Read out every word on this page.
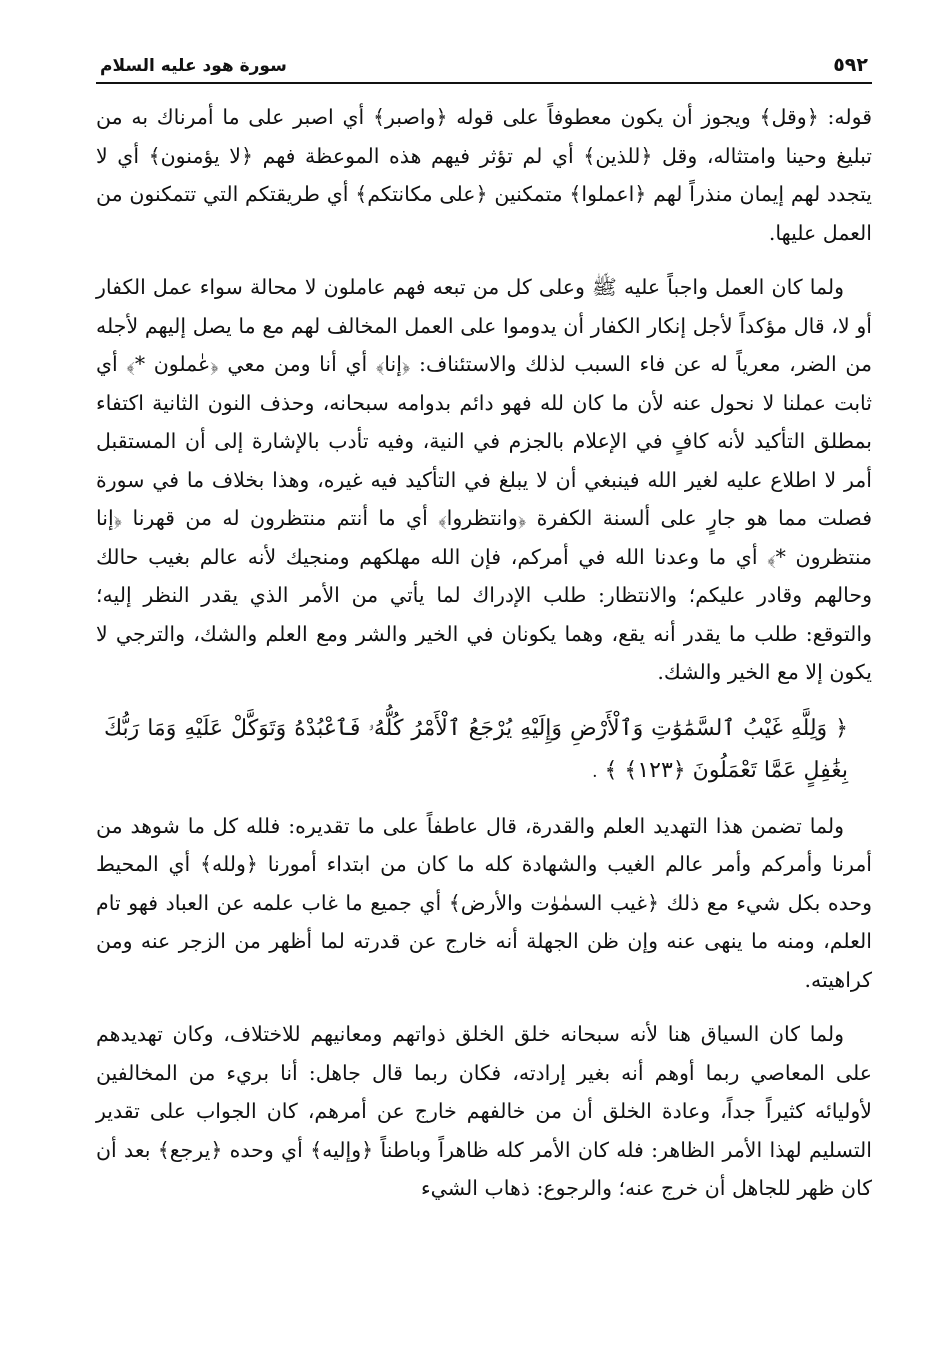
٥٩٢
سورة هود عليه السلام

قوله: ﴿وقل﴾ ويجوز أن يكون معطوفاً على قوله ﴿واصبر﴾ أي اصبر على ما أمرناك به من تبليغ وحينا وامتثاله، وقل ﴿للذين﴾ أي لم تؤثر فيهم هذه الموعظة فهم ﴿لا يؤمنون﴾ أي لا يتجدد لهم إيمان منذراً لهم ﴿اعملوا﴾ متمكنين ﴿على مكانتكم﴾ أي طريقتكم التي تتمكنون من العمل عليها.

ولما كان العمل واجباً عليه ﷺ وعلى كل من تبعه فهم عاملون لا محالة سواء عمل الكفار أو لا، قال مؤكداً لأجل إنكار الكفار أن يدوموا على العمل المخالف لهم مع ما يصل إليهم لأجله من الضر، معرياً له عن فاء السبب لذلك والاستئناف: ﴿إنا﴾ أي أنا ومن معي ﴿عٰملون *﴾ أي ثابت عملنا لا نحول عنه لأن ما كان لله فهو دائم بدوامه سبحانه، وحذف النون الثانية اكتفاء بمطلق التأكيد لأنه كافٍ في الإعلام بالجزم في النية، وفيه تأدب بالإشارة إلى أن المستقبل أمر لا اطلاع عليه لغير الله فينبغي أن لا يبلغ في التأكيد فيه غيره، وهذا بخلاف ما في سورة فصلت مما هو جارٍ على ألسنة الكفرة ﴿وانتظروا﴾ أي ما أنتم منتظرون له من قهرنا ﴿إنا منتظرون *﴾ أي ما وعدنا الله في أمركم، فإن الله مهلكهم ومنجيك لأنه عالم بغيب حالك وحالهم وقادر عليكم؛ والانتظار: طلب الإدراك لما يأتي من الأمر الذي يقدر النظر إليه؛ والتوقع: طلب ما يقدر أنه يقع، وهما يكونان في الخير والشر ومع العلم والشك، والترجي لا يكون إلا مع الخير والشك.

﴿ وَلِلَّهِ غَيْبُ ٱلسَّمَٰوَٰتِ وَٱلْأَرْضِ وَإِلَيْهِ يُرْجَعُ ٱلْأَمْرُ كُلُّهُۥ فَٱعْبُدْهُ وَتَوَكَّلْ عَلَيْهِ وَمَا رَبُّكَ بِغَٰفِلٍ عَمَّا تَعْمَلُونَ ﴿١٢٣﴾ ﴾ .

ولما تضمن هذا التهديد العلم والقدرة، قال عاطفاً على ما تقديره: فلله كل ما شوهد من أمرنا وأمركم وأمر عالم الغيب والشهادة كله ما كان من ابتداء أمورنا ﴿ولله﴾ أي المحيط وحده بكل شيء مع ذلك ﴿غيب السمٰوٰت والأرض﴾ أي جميع ما غاب علمه عن العباد فهو تام العلم، ومنه ما ينهى عنه وإن ظن الجهلة أنه خارج عن قدرته لما أظهر من الزجر عنه ومن كراهيته.

ولما كان السياق هنا لأنه سبحانه خلق الخلق ذواتهم ومعانيهم للاختلاف، وكان تهديدهم على المعاصي ربما أوهم أنه بغير إرادته، فكان ربما قال جاهل: أنا بريء من المخالفين لأوليائه كثيراً جداً، وعادة الخلق أن من خالفهم خارج عن أمرهم، كان الجواب على تقدير التسليم لهذا الأمر الظاهر: فله كان الأمر كله ظاهراً وباطناً ﴿وإليه﴾ أي وحده ﴿يرجع﴾ بعد أن كان ظهر للجاهل أن خرج عنه؛ والرجوع: ذهاب الشيء
